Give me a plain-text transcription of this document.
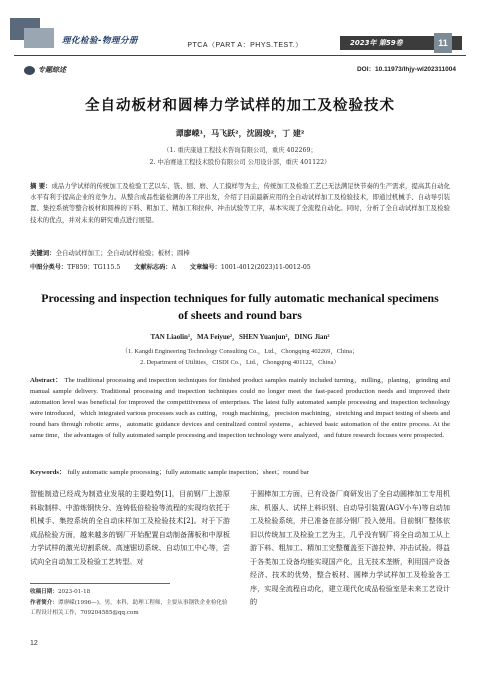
理化检验-物理分册	PTCA（PART A：PHYS.TEST.）	2023年 第59卷	11
专题综述	DOI：10.11973/lhjy-wl202311004
全自动板材和圆棒力学试样的加工及检验技术
谭廖嵘¹，马飞跃²，沈圆竣²，丁 建²
（1. 重庆康迪工程技术咨询有限公司，重庆 402269；
2. 中冶赛迪工程技术股份有限公司 公用设计部，重庆 401122）
摘 要：成品力学试样的传统加工及检验工艺以车、铣、刨、磨、人工摸样等为主，传统加工及检验工艺已无法满足快节奏的生产需求，提高其自动化水平有利于提高企业的竞争力。从整合成品性能检测的各工序出发，介绍了目前最新应用的全自动试样加工及检验技术，即通过机械手、自动导引装置、集控系统等整合板材和圆棒的下料、粗加工、精加工和拉伸、冲击试验等工序，基本实现了全流程自动化。同时，分析了全自动试样加工及检验技术的优点，并对未来的研究重点进行展望。
关键词：全自动试样加工；全自动试样检验；板材；圆棒
中图分类号：TF859；TG115.5 文献标志码：A 文章编号：1001-4012(2023)11-0012-05
Processing and inspection techniques for fully automatic mechanical specimens of sheets and round bars
TAN Liaolin¹，MA Feiyue²，SHEN Yuanjun²，DING Jian²
（1. Kangdi Engineering Technology Consulting Co.，Ltd.，Chongqing 402269，China；
2. Department of Utilities，CISDI Co.，Ltd.，Chongqing 401122，China）
Abstract： The traditional processing and inspection techniques for finished product samples mainly included turning，milling，planing，grinding and manual sample delivery. Traditional processing and inspection techniques could no longer meet the fast-paced production needs and improved their automation level was beneficial for improved the competitiveness of enterprises. The latest fully automated sample processing and inspection technology were introduced，which integrated various processes such as cutting，rough machining，precision machining，stretching and impact testing of sheets and round bars through robotic arms，automatic guidance devices and centralized control systems，achieved basic automation of the entire process. At the same time，the advantages of fully automated sample processing and inspection technology were analyzed，and future research focuses were prospected.
Keywords： fully automatic sample processing；fully automatic sample inspection；sheet；round bar
智能制造已经成为制造业发展的主要趋势[1]，目前钢厂上游原料取制样、中游炼钢快分、连铸低倍检验等流程的实现均依托于机械手、集控系统的全自动床样加工及检验技术[2]。对于下游成品检验方面，越来越多的钢厂开始配置自动制备薄板和中厚板力学试样的激光切割系统、高速锯切系统、自动加工中心等，尝试向全自动加工及检验工艺转型。对
于圆棒加工方面，已有设备厂商研发出了全自动圆棒加工专用机床、机器人、试样上料识别、自动导引装置(AGV小车)等自动加工及检验系统，并已准备在部分钢厂投入使用。目前钢厂整体依旧以传统加工及检验工艺为主，几乎没有钢厂将全自动加工从上游下料、粗加工、精加工完整覆盖至下游拉伸、冲击试验。得益于各类加工设备均能实现国产化，且无技术垄断，利用国产设备经济、技术的优势，整合板材、圆棒力学试样加工及检验各工序，实现全流程自动化，建立现代化成品检验室是未来工艺设计的
收稿日期：2023-01-18
作者简介：谭廖嵘(1996—)，男，本科，助理工程师，主要从事钢铁企业检化验工程设计相关工作，709204585@qq.com
12
